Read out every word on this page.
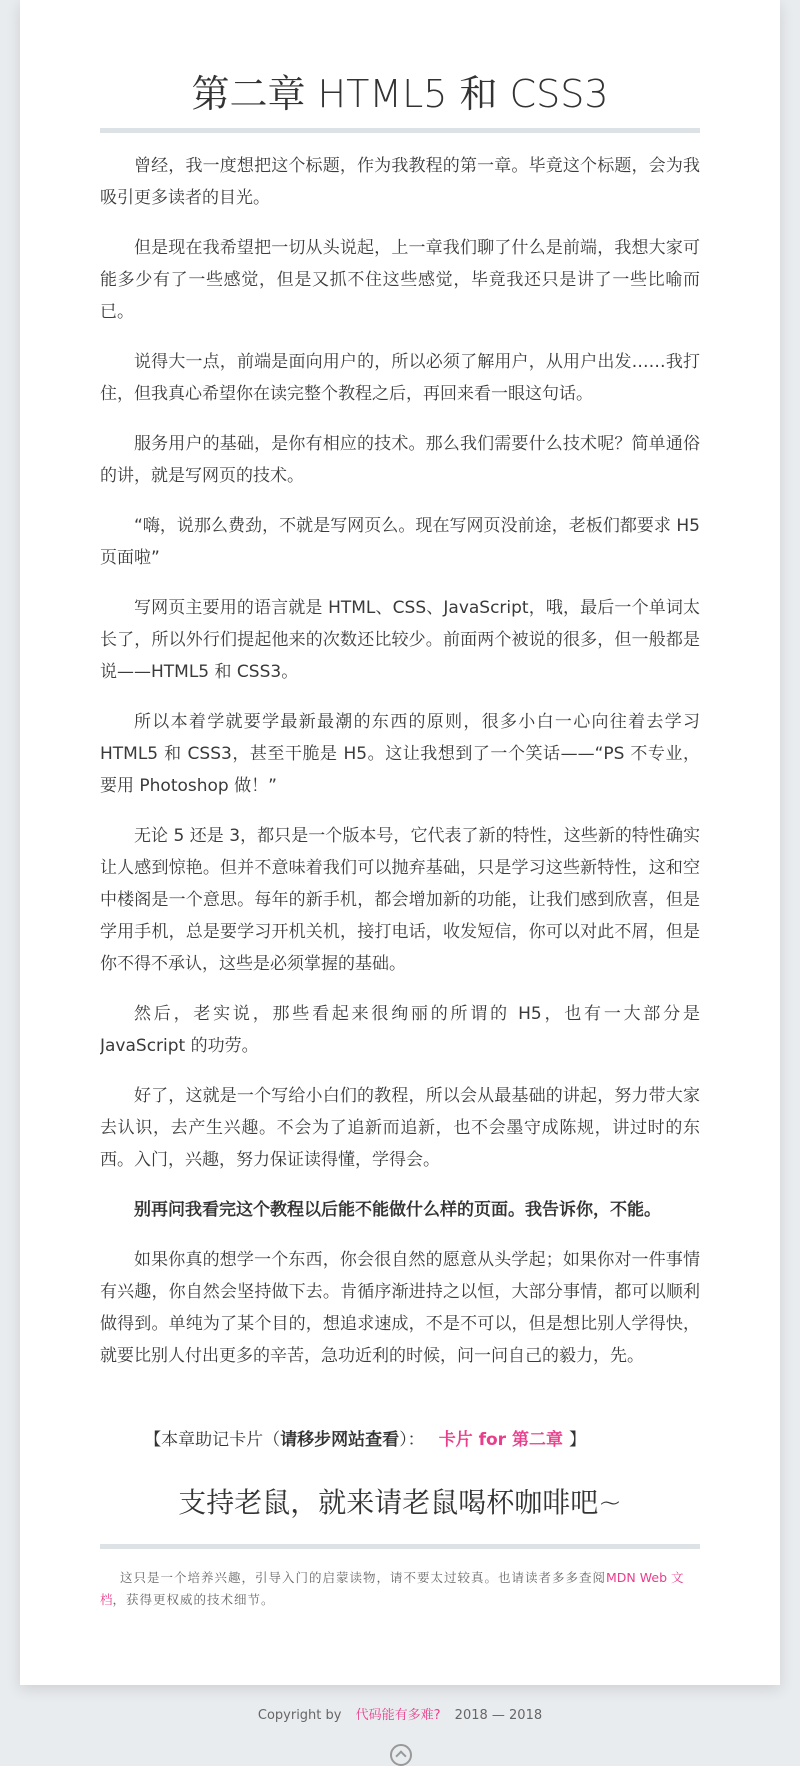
第二章 HTML5 和 CSS3

曾经，我一度想把这个标题，作为我教程的第一章。毕竟这个标题，会为我吸引更多读者的目光。

但是现在我希望把一切从头说起，上一章我们聊了什么是前端，我想大家可能多少有了一些感觉，但是又抓不住这些感觉，毕竟我还只是讲了一些比喻而已。

说得大一点，前端是面向用户的，所以必须了解用户，从用户出发……我打住，但我真心希望你在读完整个教程之后，再回来看一眼这句话。

服务用户的基础，是你有相应的技术。那么我们需要什么技术呢？简单通俗的讲，就是写网页的技术。

“嗨，说那么费劲，不就是写网页么。现在写网页没前途，老板们都要求 H5 页面啦”

写网页主要用的语言就是 HTML、CSS、JavaScript，哦，最后一个单词太长了，所以外行们提起他来的次数还比较少。前面两个被说的很多，但一般都是说——HTML5 和 CSS3。

所以本着学就要学最新最潮的东西的原则，很多小白一心向往着去学习 HTML5 和 CSS3，甚至干脆是 H5。这让我想到了一个笑话——“PS 不专业，要用 Photoshop 做！”

无论 5 还是 3，都只是一个版本号，它代表了新的特性，这些新的特性确实让人感到惊艳。但并不意味着我们可以抛弃基础，只是学习这些新特性，这和空中楼阁是一个意思。每年的新手机，都会增加新的功能，让我们感到欣喜，但是学用手机，总是要学习开机关机，接打电话，收发短信，你可以对此不屑，但是你不得不承认，这些是必须掌握的基础。

然后，老实说，那些看起来很绚丽的所谓的 H5，也有一大部分是 JavaScript 的功劳。

好了，这就是一个写给小白们的教程，所以会从最基础的讲起，努力带大家去认识，去产生兴趣。不会为了追新而追新，也不会墨守成陈规，讲过时的东西。入门，兴趣，努力保证读得懂，学得会。

别再问我看完这个教程以后能不能做什么样的页面。我告诉你，不能。

如果你真的想学一个东西，你会很自然的愿意从头学起；如果你对一件事情有兴趣，你自然会坚持做下去。肯循序渐进持之以恒，大部分事情，都可以顺利做得到。单纯为了某个目的，想追求速成，不是不可以，但是想比别人学得快，就要比别人付出更多的辛苦，急功近利的时候，问一问自己的毅力，先。

【本章助记卡片（请移步网站查看）： 卡片 for 第二章 】

支持老鼠，就来请老鼠喝杯咖啡吧~

这只是一个培养兴趣，引导入门的启蒙读物，请不要太过较真。也请读者多多查阅MDN Web 文档，获得更权威的技术细节。

Copyright by 代码能有多难? 2018 — 2018
